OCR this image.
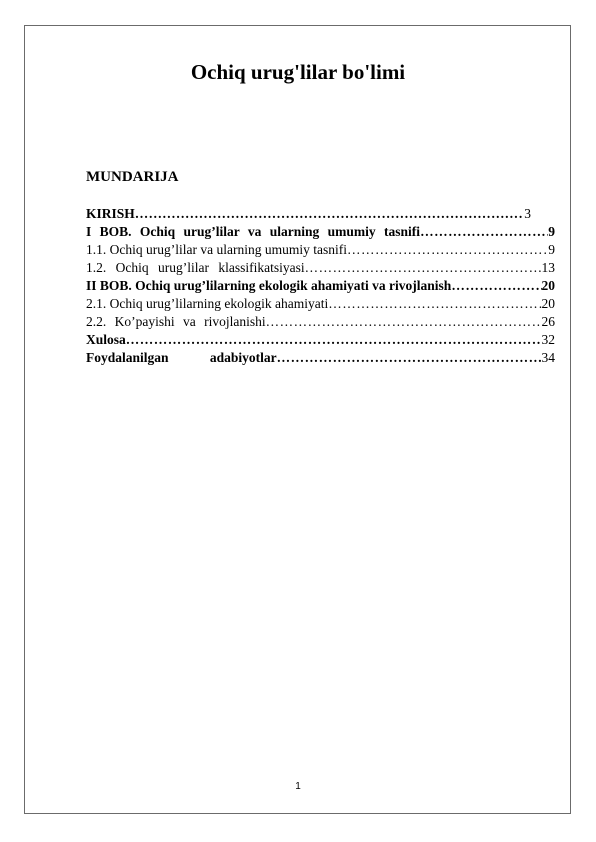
Ochiq urug'lilar bo'limi
MUNDARIJA
KIRISH ………………………………………………………………………………………………………………………………………………	3
I BOB. Ochiq urug’lilar va ularning umumiy tasnifi ………………………………………………………………………………………………………………………………………………	9
1.1. Ochiq urug’lilar va ularning umumiy tasnifi ………………………………………………………………………………………………………………………………………………	9
1.2. Ochiq urug’lilar klassifikatsiyasi ………………………………………………………………………………………………………………………………………………	13
II BOB. Ochiq urug’lilarning ekologik ahamiyati va rivojlanish ………………………………………………………………………………………………………………………………………………	20
2.1. Ochiq urug’lilarning ekologik ahamiyati ………………………………………………………………………………………………………………………………………………	20
2.2. Ko’payishi va rivojlanishi ………………………………………………………………………………………………………………………………………………	26
Xulosa ………………………………………………………………………………………………………………………………………………	32
Foydalanilgan adabiyotlar ………………………………………………………………………………………………………………………………………………	34
1
